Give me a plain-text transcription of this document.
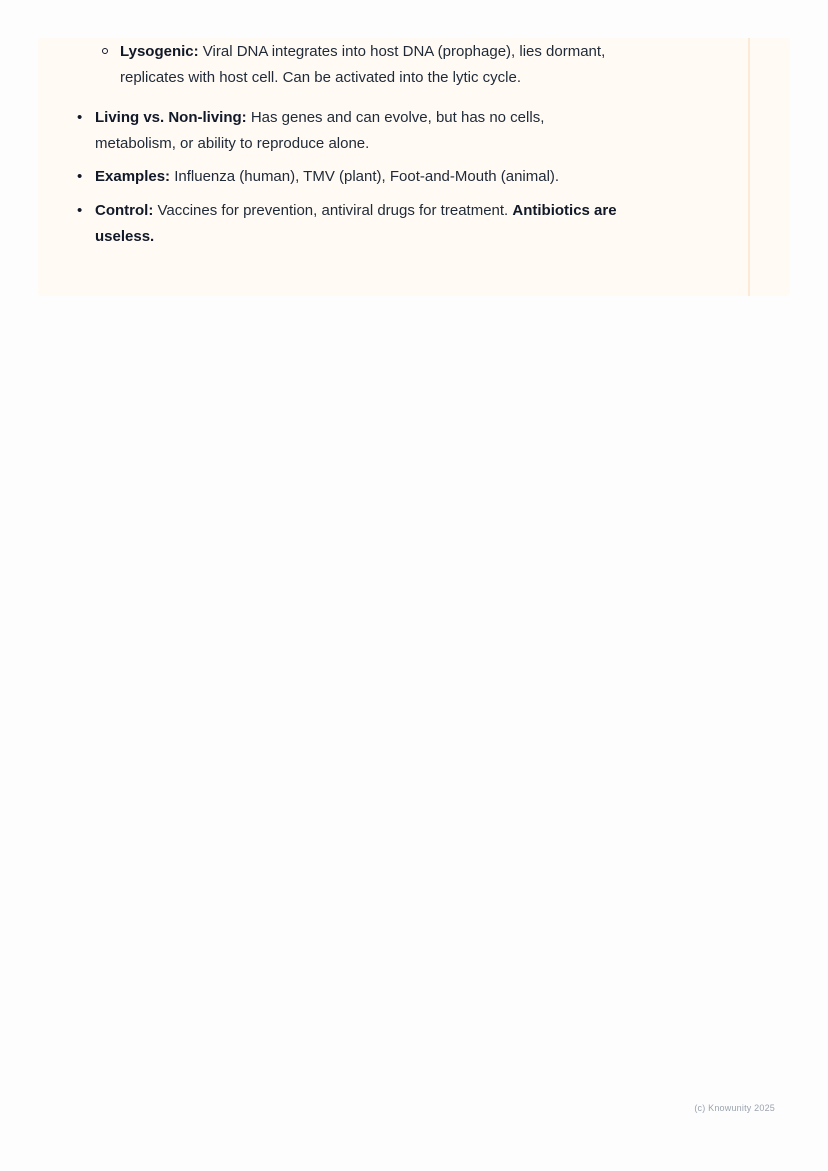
Lysogenic: Viral DNA integrates into host DNA (prophage), lies dormant, replicates with host cell. Can be activated into the lytic cycle.
• Living vs. Non-living: Has genes and can evolve, but has no cells, metabolism, or ability to reproduce alone.
• Examples: Influenza (human), TMV (plant), Foot-and-Mouth (animal).
• Control: Vaccines for prevention, antiviral drugs for treatment. Antibiotics are useless.
(c) Knowunity 2025
